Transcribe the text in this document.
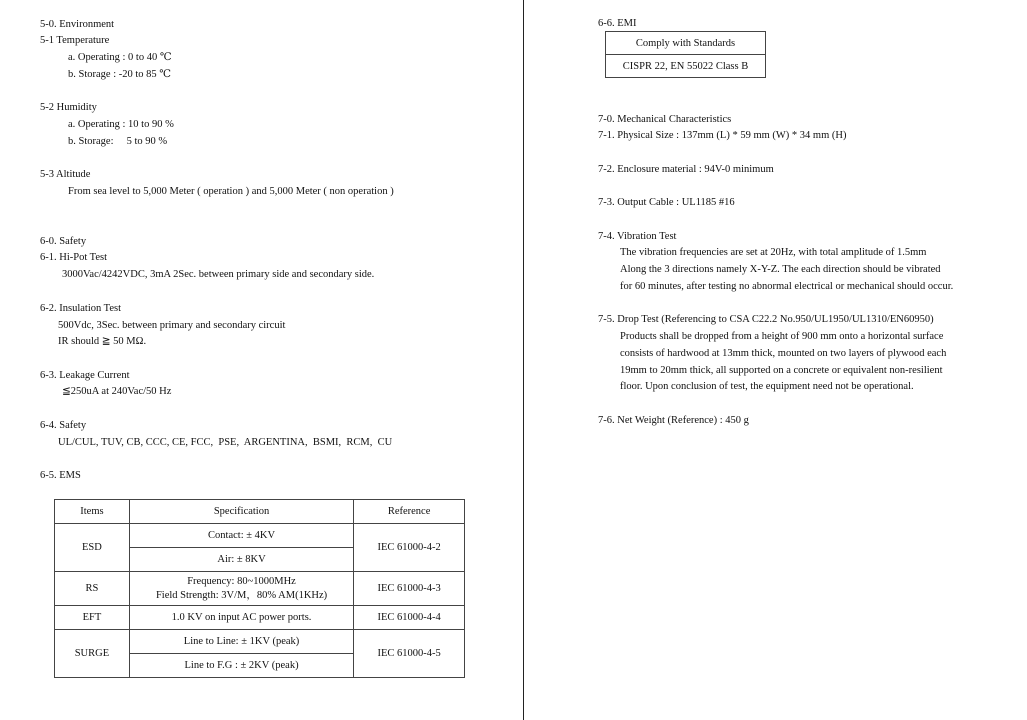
5-0. Environment
5-1 Temperature
a. Operating : 0 to 40 ℃
b. Storage : -20 to 85 ℃
5-2 Humidity
a. Operating : 10 to 90 %
b. Storage:     5 to 90 %
5-3 Altitude
From sea level to 5,000 Meter ( operation ) and 5,000 Meter ( non operation )
6-0. Safety
6-1. Hi-Pot Test
3000Vac/4242VDC, 3mA 2Sec. between primary side and secondary side.
6-2. Insulation Test
500Vdc, 3Sec. between primary and secondary circuit
IR should ≧ 50 MΩ.
6-3. Leakage Current
≦250uA at 240Vac/50 Hz
6-4. Safety
UL/CUL, TUV, CB, CCC, CE, FCC,  PSE,  ARGENTINA,  BSMI,  RCM,  CU
6-5. EMS
Items	Specification	Reference
ESD	Contact: ± 4KV	IEC 61000-4-2
	Air: ± 8KV	
RS	Frequency: 80~1000MHz
Field Strength: 3V/M，80% AM(1KHz)	IEC 61000-4-3
EFT	1.0 KV on input AC power ports.	IEC 61000-4-4
SURGE	Line to Line: ± 1KV (peak)	IEC 61000-4-5
	Line to F.G : ± 2KV (peak)	
6-6. EMI
Comply with Standards
CISPR 22, EN 55022 Class B
7-0. Mechanical Characteristics
7-1. Physical Size : 137mm (L) * 59 mm (W) * 34 mm (H)
7-2. Enclosure material : 94V-0 minimum
7-3. Output Cable : UL1185 #16
7-4. Vibration Test
The vibration frequencies are set at 20Hz, with total amplitude of 1.5mm
Along the 3 directions namely X-Y-Z. The each direction should be vibrated
for 60 minutes, after testing no abnormal electrical or mechanical should occur.
7-5. Drop Test (Referencing to CSA C22.2 No.950/UL1950/UL1310/EN60950)
Products shall be dropped from a height of 900 mm onto a horizontal surface
consists of hardwood at 13mm thick, mounted on two layers of plywood each
19mm to 20mm thick, all supported on a concrete or equivalent non-resilient
floor. Upon conclusion of test, the equipment need not be operational.
7-6. Net Weight (Reference) : 450 g
